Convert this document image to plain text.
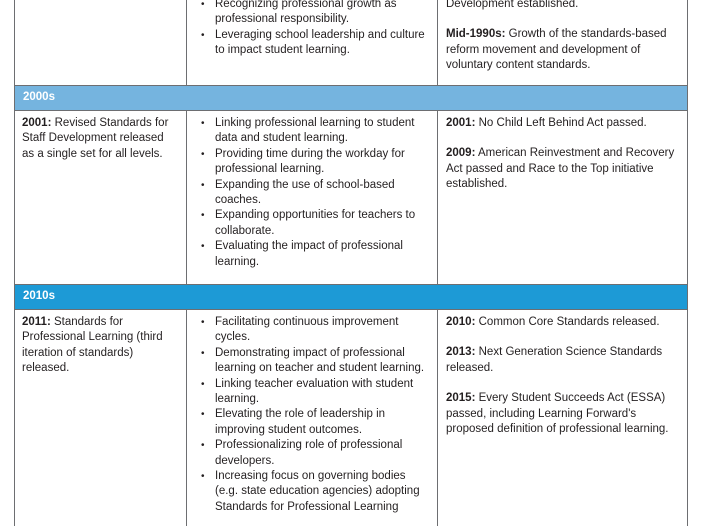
• Recognizing professional growth as professional responsibility.
• Leveraging school leadership and culture to impact student learning.

Development established.

Mid-1990s: Growth of the standards-based reform movement and development of voluntary content standards.

2000s

2001: Revised Standards for Staff Development released as a single set for all levels.

• Linking professional learning to student data and student learning.
• Providing time during the workday for professional learning.
• Expanding the use of school-based coaches.
• Expanding opportunities for teachers to collaborate.
• Evaluating the impact of professional learning.

2001: No Child Left Behind Act passed.

2009: American Reinvestment and Recovery Act passed and Race to the Top initiative established.

2010s

2011: Standards for Professional Learning (third iteration of standards) released.

• Facilitating continuous improvement cycles.
• Demonstrating impact of professional learning on teacher and student learning.
• Linking teacher evaluation with student learning.
• Elevating the role of leadership in improving student outcomes.
• Professionalizing role of professional developers.
• Increasing focus on governing bodies (e.g. state education agencies) adopting Standards for Professional Learning

2010: Common Core Standards released.

2013: Next Generation Science Standards released.

2015: Every Student Succeeds Act (ESSA) passed, including Learning Forward's proposed definition of professional learning.
